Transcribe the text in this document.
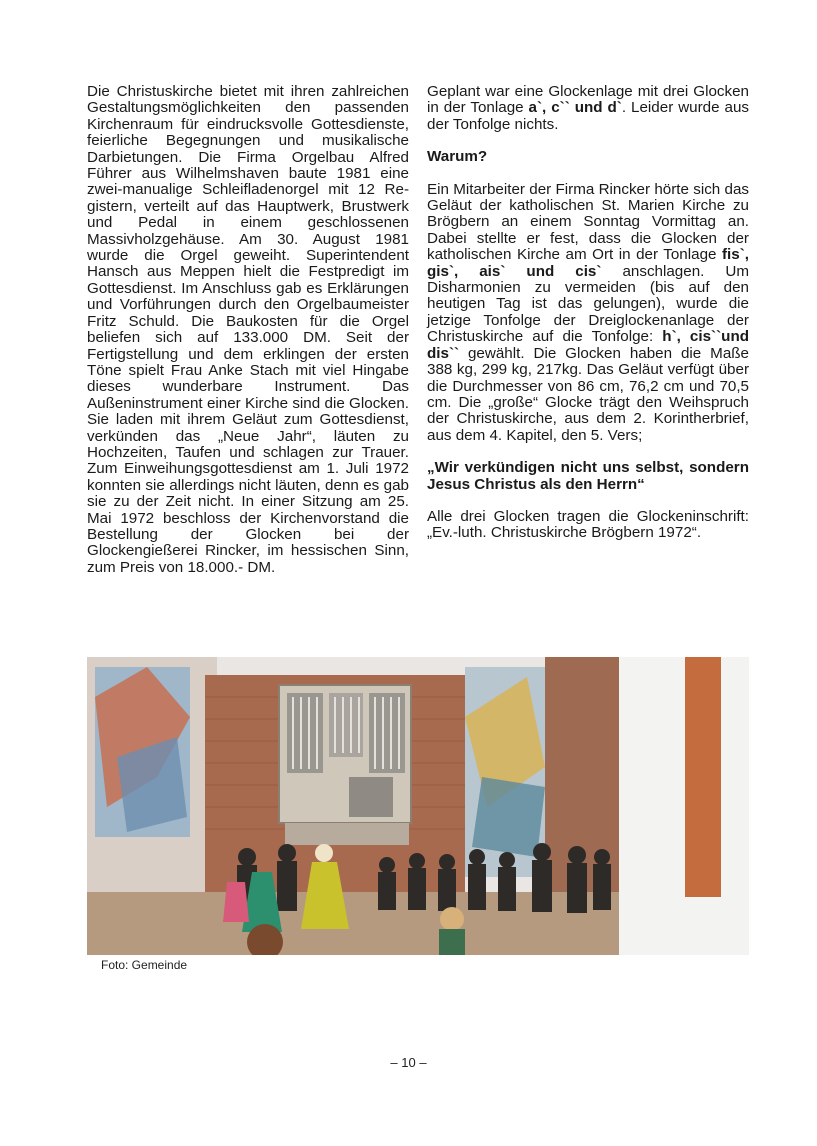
Die Christuskirche bietet mit ihren zahlreichen Gestaltungsmöglichkeiten den passenden Kirchenraum für eindrucksvolle Gottesdienste, feierliche Begegnungen und musikalische Darbietungen. Die Firma Orgelbau Alfred Führer aus Wilhelmshaven baute 1981 eine zwei-manualige Schleifladenorgel mit 12 Registern, verteilt auf das Hauptwerk, Brustwerk und Pedal in einem geschlossenen Massivholzgehäuse. Am 30. August 1981 wurde die Orgel geweiht. Superintendent Hansch aus Meppen hielt die Festpredigt im Gottesdienst. Im Anschluss gab es Erklärungen und Vorführungen durch den Orgelbaumeister Fritz Schuld. Die Baukosten für die Orgel beliefen sich auf 133.000 DM. Seit der Fertigstellung und dem erklingen der ersten Töne spielt Frau Anke Stach mit viel Hingabe dieses wunderbare Instrument. Das Außeninstrument einer Kirche sind die Glocken. Sie laden mit ihrem Geläut zum Gottesdienst, verkünden das „Neue Jahr“, läuten zu Hochzeiten, Taufen und schlagen zur Trauer. Zum Einweihungsgottesdienst am 1. Juli 1972 konnten sie allerdings nicht läuten, denn es gab sie zu der Zeit nicht. In einer Sitzung am 25. Mai 1972 beschloss der Kirchenvorstand die Bestellung der Glocken bei der Glockengießerei Rincker, im hessischen Sinn, zum Preis von 18.000.- DM.

Geplant war eine Glockenlage mit drei Glocken in der Tonlage a`, c`` und d`. Leider wurde aus der Tonfolge nichts.

Warum?

Ein Mitarbeiter der Firma Rincker hörte sich das Geläut der katholischen St. Marien Kirche zu Brögbern an einem Sonntag Vormittag an. Dabei stellte er fest, dass die Glocken der katholischen Kirche am Ort in der Tonlage fis`, gis`, ais` und cis` anschlagen. Um Disharmonien zu vermeiden (bis auf den heutigen Tag ist das gelungen), wurde die jetzige Tonfolge der Dreiglockenanlage der Christuskirche auf die Tonfolge: h`, cis``und dis`` gewählt. Die Glocken haben die Maße 388 kg, 299 kg, 217kg. Das Geläut verfügt über die Durchmesser von 86 cm, 76,2 cm und 70,5 cm. Die „große“ Glocke trägt den Weihspruch der Christuskirche, aus dem 2. Korintherbrief, aus dem 4. Kapitel, den 5. Vers;

„Wir verkündigen nicht uns selbst, sondern Jesus Christus als den Herrn“

Alle drei Glocken tragen die Glockeninschrift: „Ev.-luth. Christuskirche Brögbern 1972“.

Foto: Gemeinde
– 10 –
